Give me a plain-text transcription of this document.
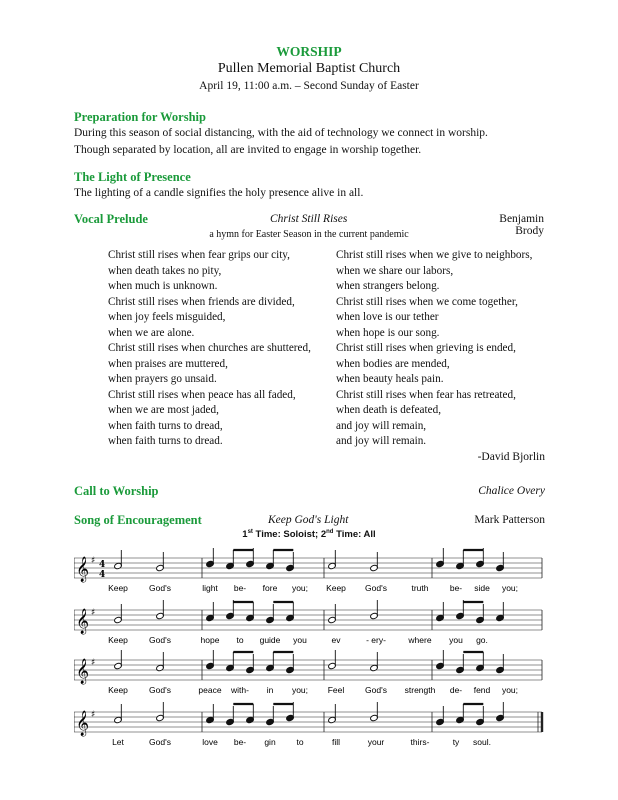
WORSHIP
Pullen Memorial Baptist Church
April 19, 11:00 a.m. – Second Sunday of Easter
Preparation for Worship
During this season of social distancing, with the aid of technology we connect in worship.
Though separated by location, all are invited to engage in worship together.
The Light of Presence
The lighting of a candle signifies the holy presence alive in all.
Vocal Prelude	Christ Still Rises	Benjamin Brody
a hymn for Easter Season in the current pandemic
Christ still rises when fear grips our city,
when death takes no pity,
when much is unknown.
Christ still rises when friends are divided,
when joy feels misguided,
when we are alone.
Christ still rises when churches are shuttered,
when praises are muttered,
when prayers go unsaid.
Christ still rises when peace has all faded,
when we are most jaded,
when faith turns to dread,
when faith turns to dread.
Christ still rises when we give to neighbors,
when we share our labors,
when strangers belong.
Christ still rises when we come together,
when love is our tether
when hope is our song.
Christ still rises when grieving is ended,
when bodies are mended,
when beauty heals pain.
Christ still rises when fear has retreated,
when death is defeated,
and joy will remain,
and joy will remain.
-David Bjorlin
Call to Worship	Chalice Overy
Song of Encouragement	Keep God's Light	Mark Patterson
1st Time: Soloist; 2nd Time: All
𝄞 ♯ 4
4
Keep God's	light be- fore you; Keep God's	truth	be- side you;
𝄞 ♯
Keep God's	hope to guide you	ev	- ery-	where you go.
𝄞 ♯
Keep God's	peace with- in you; Feel God's strength de- fend you;
𝄞 ♯
Let	God's	love be- gin to	fill	your	thirs-	ty soul.
